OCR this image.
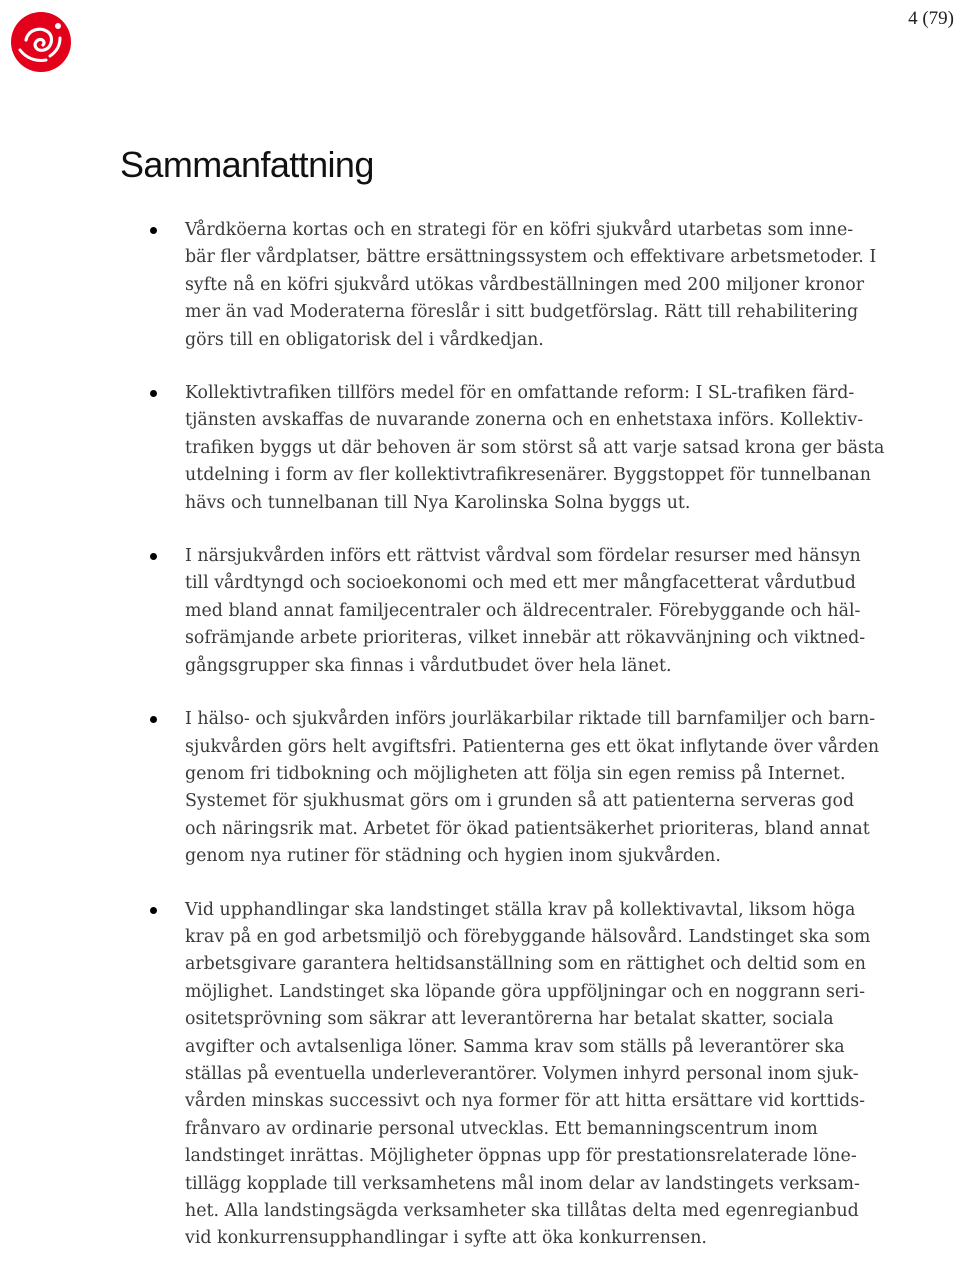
4 (79)
Sammanfattning

Vårdköerna kortas och en strategi för en köfri sjukvård utarbetas som inne-
bär fler vårdplatser, bättre ersättningssystem och effektivare arbetsmetoder. I
syfte nå en köfri sjukvård utökas vårdbeställningen med 200 miljoner kronor
mer än vad Moderaterna föreslår i sitt budgetförslag. Rätt till rehabilitering
görs till en obligatorisk del i vårdkedjan.

Kollektivtrafiken tillförs medel för en omfattande reform: I SL-trafiken färd-
tjänsten avskaffas de nuvarande zonerna och en enhetstaxa införs. Kollektiv-
trafiken byggs ut där behoven är som störst så att varje satsad krona ger bästa
utdelning i form av fler kollektivtrafikresenärer. Byggstoppet för tunnelbanan
hävs och tunnelbanan till Nya Karolinska Solna byggs ut.

I närsjukvården införs ett rättvist vårdval som fördelar resurser med hänsyn
till vårdtyngd och socioekonomi och med ett mer mångfacetterat vårdutbud
med bland annat familjecentraler och äldrecentraler. Förebyggande och häl-
sofrämjande arbete prioriteras, vilket innebär att rökavvänjning och viktned-
gångsgrupper ska finnas i vårdutbudet över hela länet.

I hälso- och sjukvården införs jourläkarbilar riktade till barnfamiljer och barn-
sjukvården görs helt avgiftsfri. Patienterna ges ett ökat inflytande över vården
genom fri tidbokning och möjligheten att följa sin egen remiss på Internet.
Systemet för sjukhusmat görs om i grunden så att patienterna serveras god
och näringsrik mat. Arbetet för ökad patientsäkerhet prioriteras, bland annat
genom nya rutiner för städning och hygien inom sjukvården.

Vid upphandlingar ska landstinget ställa krav på kollektivavtal, liksom höga
krav på en god arbetsmiljö och förebyggande hälsovård. Landstinget ska som
arbetsgivare garantera heltidsanställning som en rättighet och deltid som en
möjlighet. Landstinget ska löpande göra uppföljningar och en noggrann seri-
ositetsprövning som säkrar att leverantörerna har betalat skatter, sociala
avgifter och avtalsenliga löner. Samma krav som ställs på leverantörer ska
ställas på eventuella underleverantörer. Volymen inhyrd personal inom sjuk-
vården minskas successivt och nya former för att hitta ersättare vid korttids-
frånvaro av ordinarie personal utvecklas. Ett bemanningscentrum inom
landstinget inrättas. Möjligheter öppnas upp för prestationsrelaterade löne-
tillägg kopplade till verksamhetens mål inom delar av landstingets verksam-
het. Alla landstingsägda verksamheter ska tillåtas delta med egenregianbud
vid konkurrensupphandlingar i syfte att öka konkurrensen.
